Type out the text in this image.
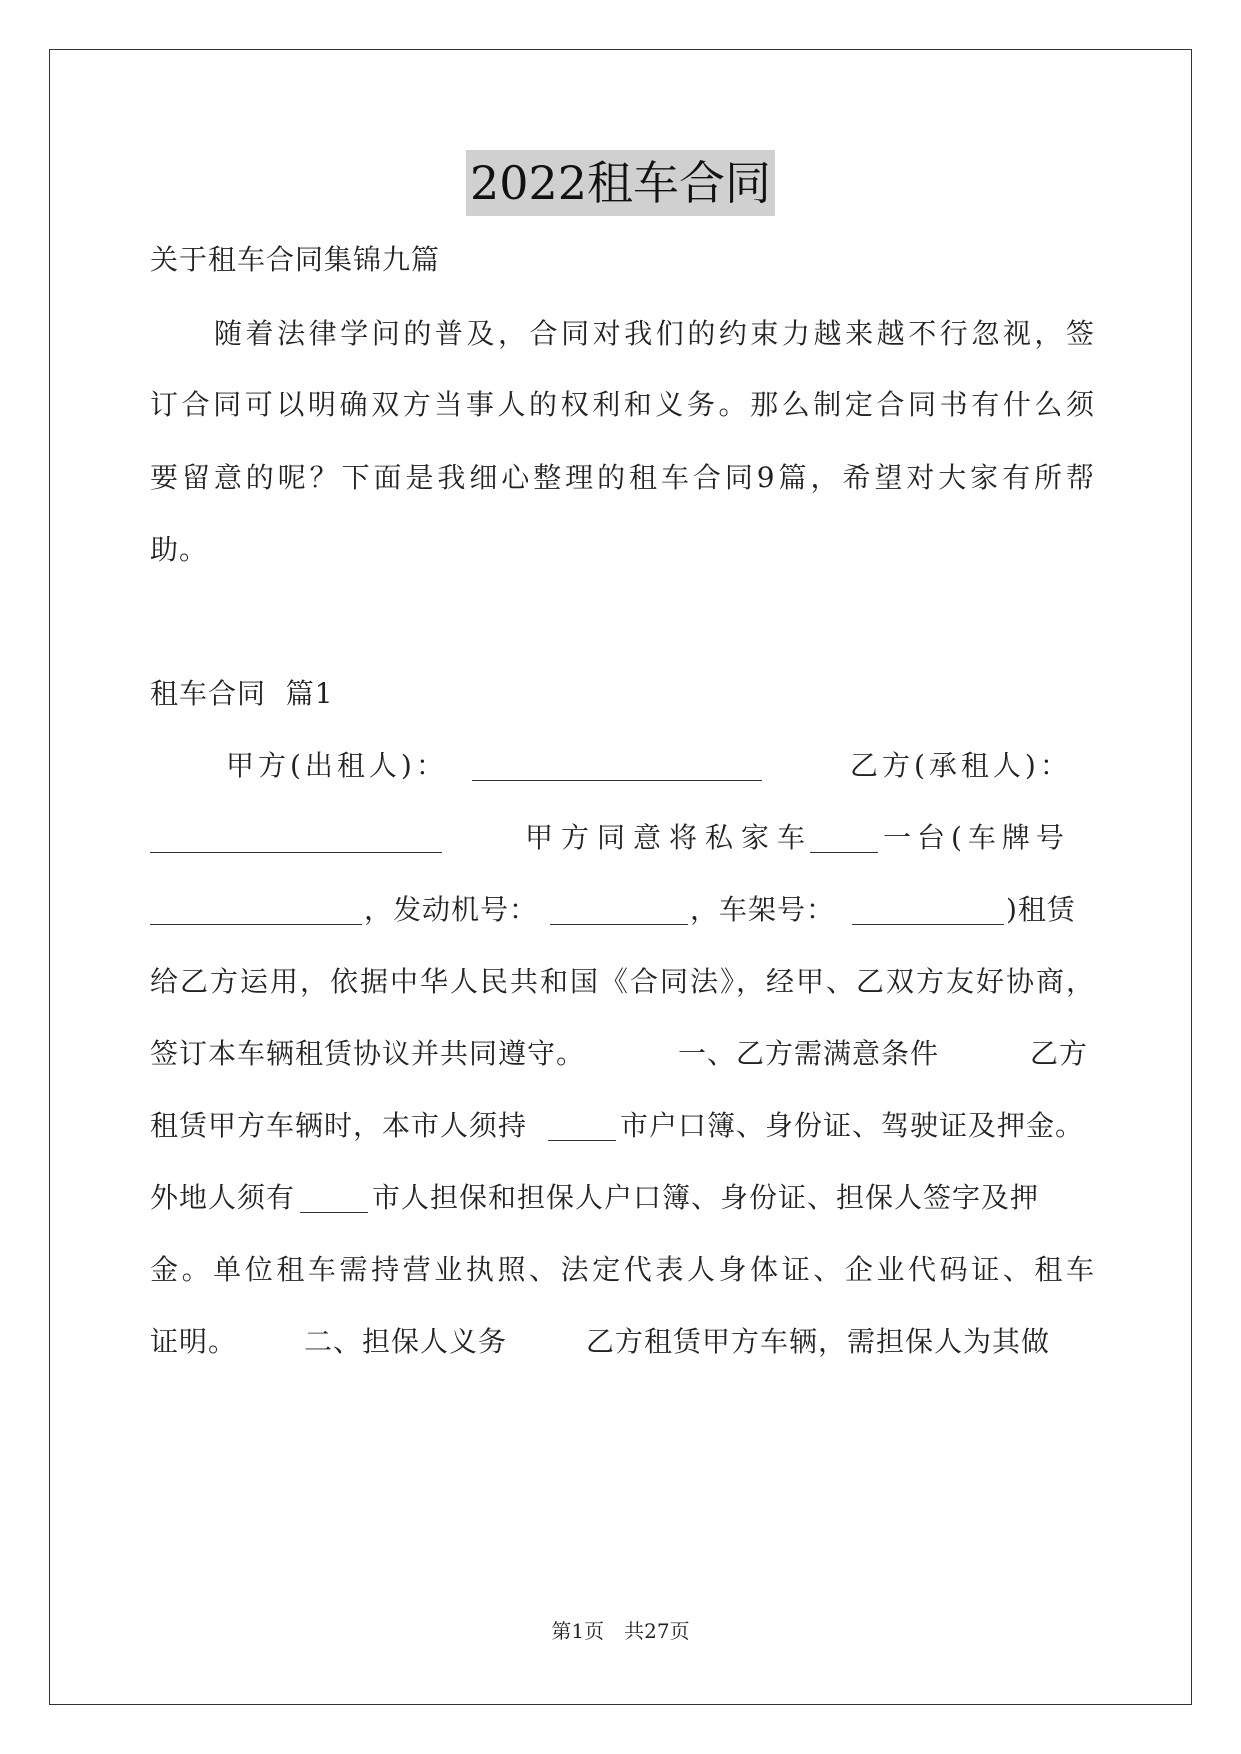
2022租车合同
关于租车合同集锦九篇
随着法律学问的普及，合同对我们的约束力越来越不行忽视，签
订合同可以明确双方当事人的权利和义务。那么制定合同书有什么须
要留意的呢？下面是我细心整理的租车合同9篇，希望对大家有所帮
助。
租车合同  篇1
甲方(出租人)：	乙方(承租人)：
甲方同意将私家车 一台(车牌号
，发动机号：	，车架号：	)租赁
给乙方运用，依据中华人民共和国《合同法》，经甲、乙双方友好协商，
签订本车辆租赁协议并共同遵守。	一、乙方需满意条件	乙方
租赁甲方车辆时，本市人须持	市户口簿、身份证、驾驶证及押金。
外地人须有	市人担保和担保人户口簿、身份证、担保人签字及押
金。单位租车需持营业执照、法定代表人身体证、企业代码证、租车
证明。 二、担保人义务	乙方租赁甲方车辆，需担保人为其做
第1页　共27页
